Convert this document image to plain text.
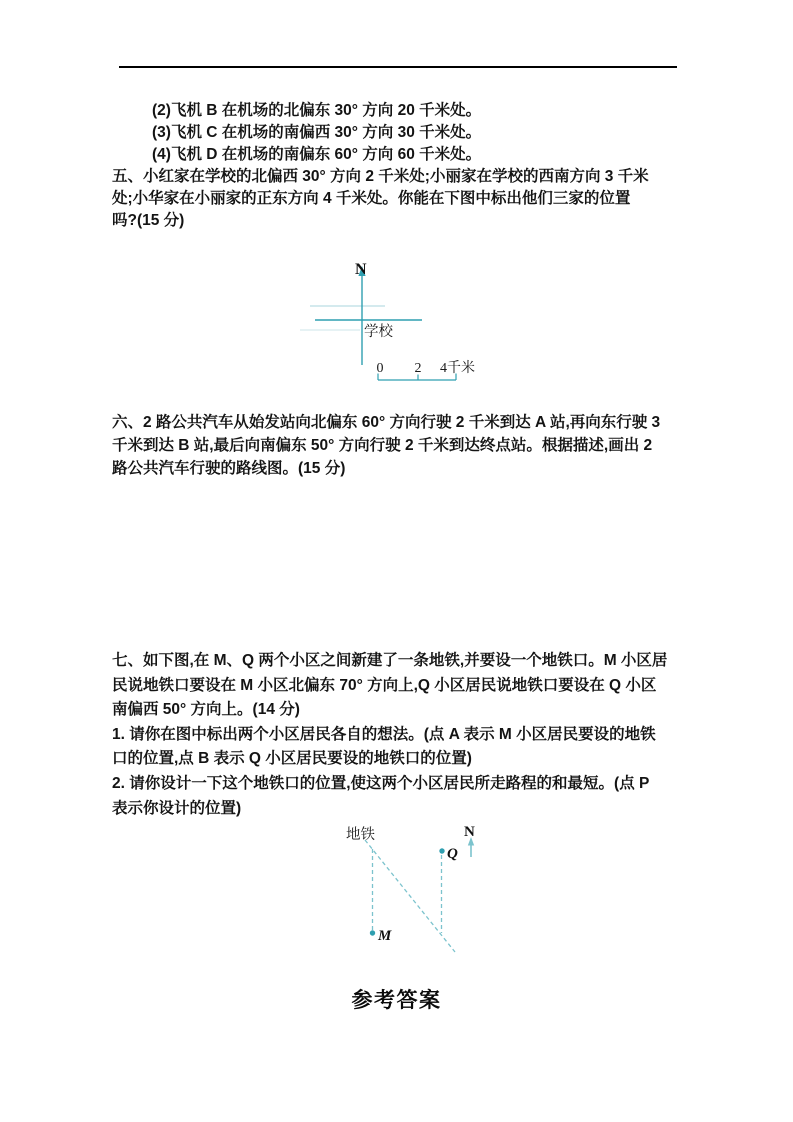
(2)飞机 B 在机场的北偏东 30° 方向 20 千米处。
(3)飞机 C 在机场的南偏西 30° 方向 30 千米处。
(4)飞机 D 在机场的南偏东 60° 方向 60 千米处。
五、小红家在学校的北偏西 30° 方向 2 千米处;小丽家在学校的西南方向 3 千米
处;小华家在小丽家的正东方向 4 千米处。你能在下图中标出他们三家的位置
吗?(15 分)
N
学校
0 2 4千米
六、2 路公共汽车从始发站向北偏东 60° 方向行驶 2 千米到达 A 站,再向东行驶 3
千米到达 B 站,最后向南偏东 50° 方向行驶 2 千米到达终点站。根据描述,画出 2
路公共汽车行驶的路线图。(15 分)
七、如下图,在 M、Q 两个小区之间新建了一条地铁,并要设一个地铁口。M 小区居
民说地铁口要设在 M 小区北偏东 70° 方向上,Q 小区居民说地铁口要设在 Q 小区
南偏西 50° 方向上。(14 分)
1. 请你在图中标出两个小区居民各自的想法。(点 A 表示 M 小区居民要设的地铁
口的位置,点 B 表示 Q 小区居民要设的地铁口的位置)
2. 请你设计一下这个地铁口的位置,使这两个小区居民所走路程的和最短。(点 P
表示你设计的位置)
地铁	N
Q
M
参考答案
